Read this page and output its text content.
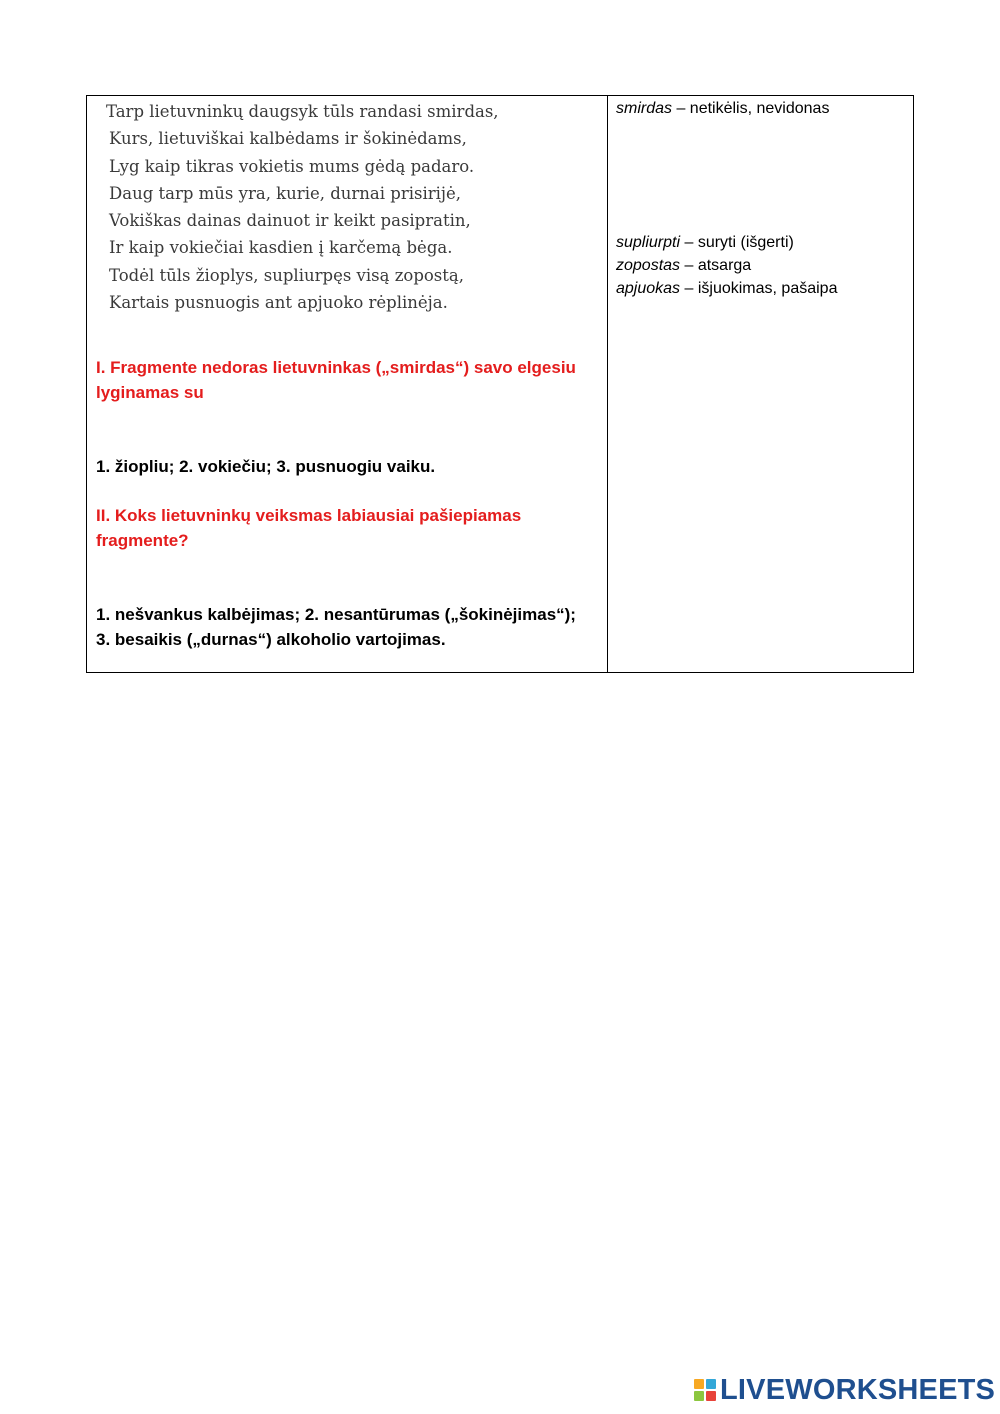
Tarp lietuvninkų daugsyk tūls randasi smirdas,
Kurs, lietuviškai kalbėdams ir šokinėdams,
Lyg kaip tikras vokietis mums gėdą padaro.
Daug tarp mūs yra, kurie, durnai prisirijė,
Vokiškas dainas dainuot ir keikt pasipratin,
Ir kaip vokiečiai kasdien į karčemą bėga.
Todėl tūls žioplys, supliurpęs visą zopostą,
Kartais pusnuogis ant apjuoko rėplinėja.
I. Fragmente nedoras lietuvninkas („smirdas“) savo elgesiu lyginamas su
1. žiopliu; 2. vokiečiu; 3. pusnuogiu vaiku.
II. Koks lietuvninkų veiksmas labiausiai pašiepiamas fragmente?
1. nešvankus kalbėjimas; 2. nesantūrumas („šokinėjimas“);
3. besaikis („durnas“) alkoholio vartojimas.
smirdas – netikėlis, nevidonas
supliurpti – suryti (išgerti)
zopostas – atsarga
apjuokas – išjuokimas, pašaipa
LIVEWORKSHEETS
